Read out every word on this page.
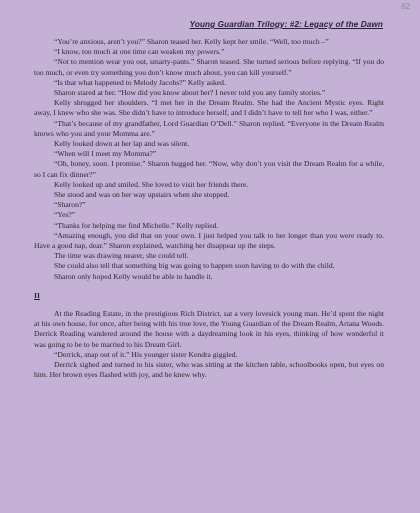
62
Young Guardian Trilogy: #2: Legacy of the Dawn

“You’re anxious, aren’t you?” Sharon teased her. Kelly kept her smile. “Well, too much –”

“I know, too much at one time can weaken my powers.”

“Not to mention wear you out, smarty-pants.” Sharon teased. She turned serious before replying. “If you do too much, or even try something you don’t know much about, you can kill yourself.”

“Is that what happened to Melody Jacobs?” Kelly asked.

Sharon stared at her. “How did you know about her? I never told you any family stories.”

Kelly shrugged her shoulders. “I met her in the Dream Realm. She had the Ancient Mystic eyes. Right away, I knew who she was. She didn’t have to introduce herself, and I didn’t have to tell her who I was, either.”

“That’s because of my grandfather, Lord Guardian O’Dell.” Sharon replied. “Everyone in the Dream Realm knows who you and your Momma are.”

Kelly looked down at her lap and was silent.

“When will I meet my Momma?”

“Oh, honey, soon. I promise.” Sharon hugged her. “Now, why don’t you visit the Dream Realm for a while, so I can fix dinner?”

Kelly looked up and smiled. She loved to visit her friends there.

She stood and was on her way upstairs when she stopped.

“Sharon?”

“Yes?”

“Thanks for helping me find Michelle.” Kelly replied.

“Amazing enough, you did that on your own. I just helped you talk to her longer than you were ready to. Have a good nap, dear.” Sharon explained, watching her disappear up the steps.

The time was drawing nearer, she could tell.

She could also tell that something big was going to happen soon having to do with the child.

Sharon only hoped Kelly would be able to handle it.

II

At the Reading Estate, in the prestigious Rich District, sat a very lovesick young man. He’d spent the night at his own house, for once, after being with his true love, the Young Guardian of the Dream Realm, Ariana Woods. Derrick Reading wandered around the house with a daydreaming look in his eyes, thinking of how wonderful it was going to be to be married to his Dream Girl.

“Derrick, snap out of it.” His younger sister Kendra giggled.

Derrick sighed and turned to his sister, who was sitting at the kitchen table, schoolbooks open, but eyes on him. Her brown eyes flashed with joy, and he knew why.
